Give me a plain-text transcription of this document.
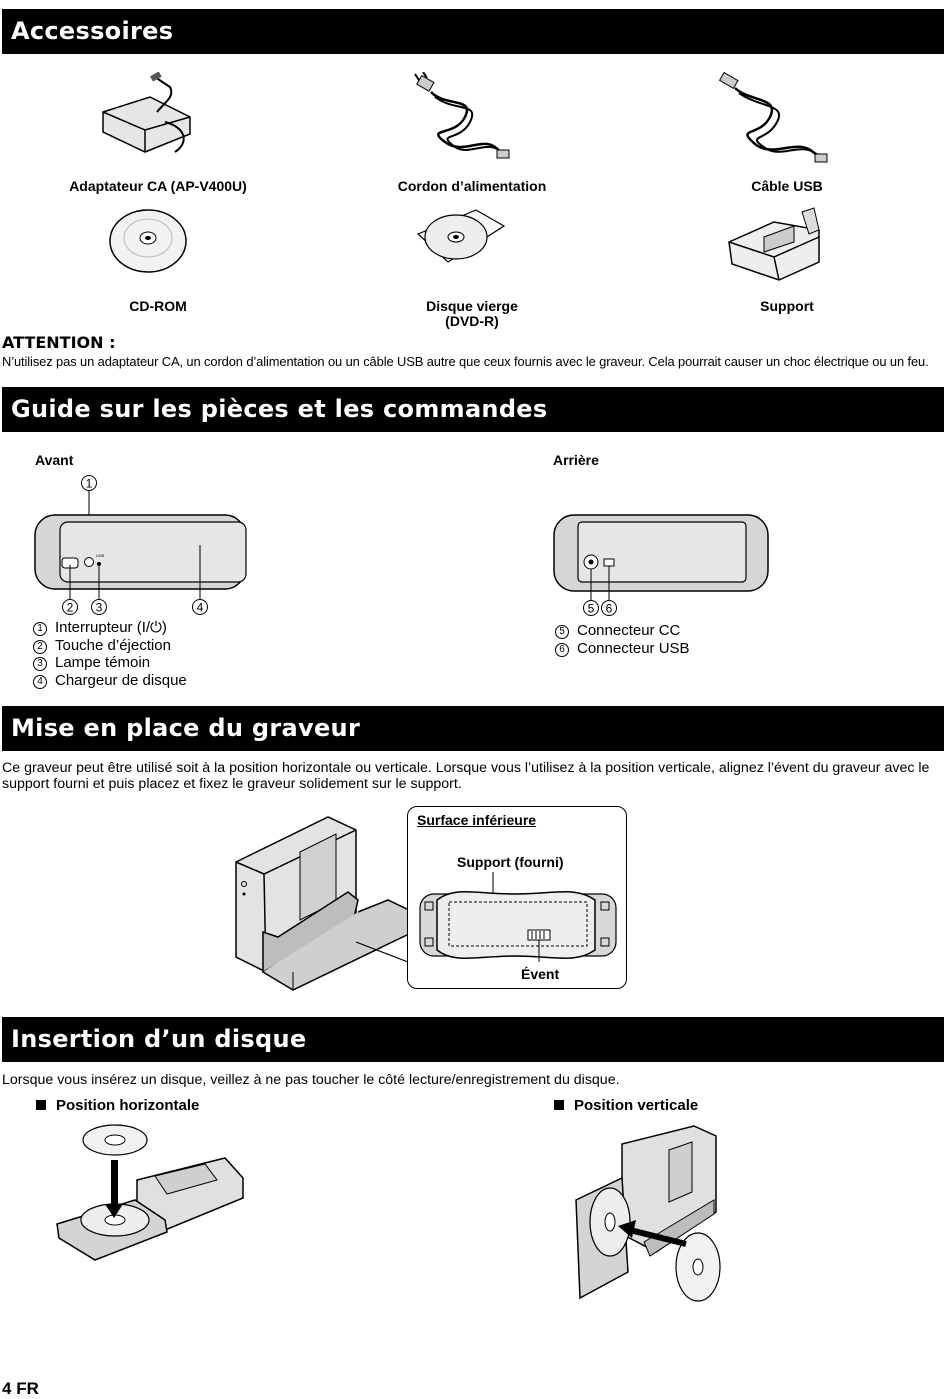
Accessoires
Adaptateur CA (AP-V400U)	Cordon d’alimentation	Câble USB
CD-ROM	Disque vierge
(DVD-R)
Support
ATTENTION :
N’utilisez pas un adaptateur CA, un cordon d’alimentation ou un câble USB autre que ceux fournis avec le graveur. Cela pourrait causer un choc électrique ou un feu.
Guide sur les pièces et les commandes
Avant	Arrière
1
USB
2 3	4	5 6
1 Interrupteur (I/⏻)
2 Touche d’éjection
3 Lampe témoin
4 Chargeur de disque
5 Connecteur CC
6 Connecteur USB
Mise en place du graveur
Ce graveur peut être utilisé soit à la position horizontale ou verticale. Lorsque vous l’utilisez à la position verticale, alignez l’évent du graveur avec le support fourni et puis placez et fixez le graveur solidement sur le support.
Surface inférieure
Support (fourni)
Évent
Insertion d’un disque
Lorsque vous insérez un disque, veillez à ne pas toucher le côté lecture/enregistrement du disque.
Position horizontale	Position verticale
4 FR
